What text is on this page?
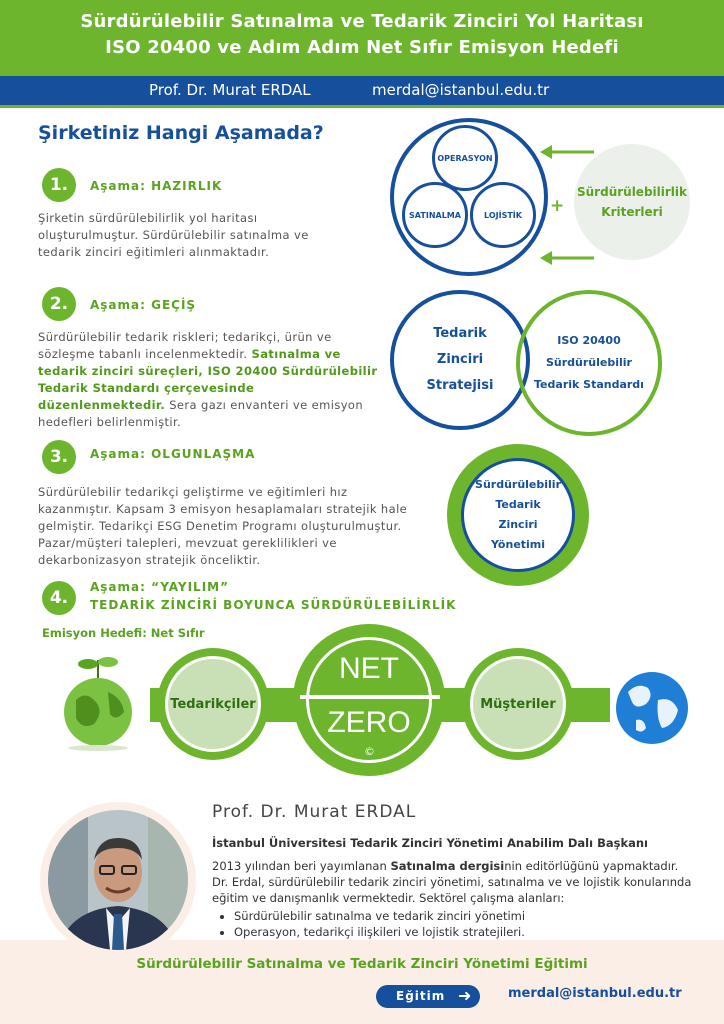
Sürdürülebilir Satınalma ve Tedarik Zinciri Yol Haritası
ISO 20400 ve Adım Adım Net Sıfır Emisyon Hedefi
Prof. Dr. Murat ERDAL	merdal@istanbul.edu.tr
Şirketiniz Hangi Aşamada?
1.	Aşama: HAZIRLIK
Şirketin sürdürülebilirlik yol haritası oluşturulmuştur. Sürdürülebilir satınalma ve tedarik zinciri eğitimleri alınmaktadır.
2.	Aşama: GEÇİŞ
Sürdürülebilir tedarik riskleri; tedarikçi, ürün ve sözleşme tabanlı incelenmektedir. Satınalma ve tedarik zinciri süreçleri, ISO 20400 Sürdürülebilir Tedarik Standardı çerçevesinde düzenlenmektedir. Sera gazı envanteri ve emisyon hedefleri belirlenmiştir.
3.	Aşama: OLGUNLAŞMA
Sürdürülebilir tedarikçi geliştirme ve eğitimleri hız kazanmıştır. Kapsam 3 emisyon hesaplamaları stratejik hale gelmiştir. Tedarikçi ESG Denetim Programı oluşturulmuştur. Pazar/müşteri talepleri, mevzuat gereklilikleri ve dekarbonizasyon stratejik önceliktir.
4.
Aşama: “YAYILIM”
TEDARİK ZİNCİRİ BOYUNCA SÜRDÜRÜLEBİLİRLİK
OPERASYON
SATINALMA	LOJİSTİK	+
Sürdürülebilirlik Kriterleri
Tedarik Zinciri Stratejisi
ISO 20400 Sürdürülebilir Tedarik Standardı
Sürdürülebilir Tedarik Zinciri Yönetimi
Emisyon Hedefi: Net Sıfır
Tedarikçiler	Müşteriler
NET
ZERO
©
Prof. Dr. Murat ERDAL
İstanbul Üniversitesi Tedarik Zinciri Yönetimi Anabilim Dalı Başkanı
2013 yılından beri yayımlanan Satınalma dergisinin editörlüğünü yapmaktadır.
Dr. Erdal, sürdürülebilir tedarik zinciri yönetimi, satınalma ve ve lojistik konularında eğitim ve danışmanlık vermektedir. Sektörel çalışma alanları:
• Sürdürülebilir satınalma ve tedarik zinciri yönetimi
• Operasyon, tedarikçi ilişkileri ve lojistik stratejileri.
Sürdürülebilir Satınalma ve Tedarik Zinciri Yönetimi Eğitimi
Eğitim ➜	merdal@istanbul.edu.tr
